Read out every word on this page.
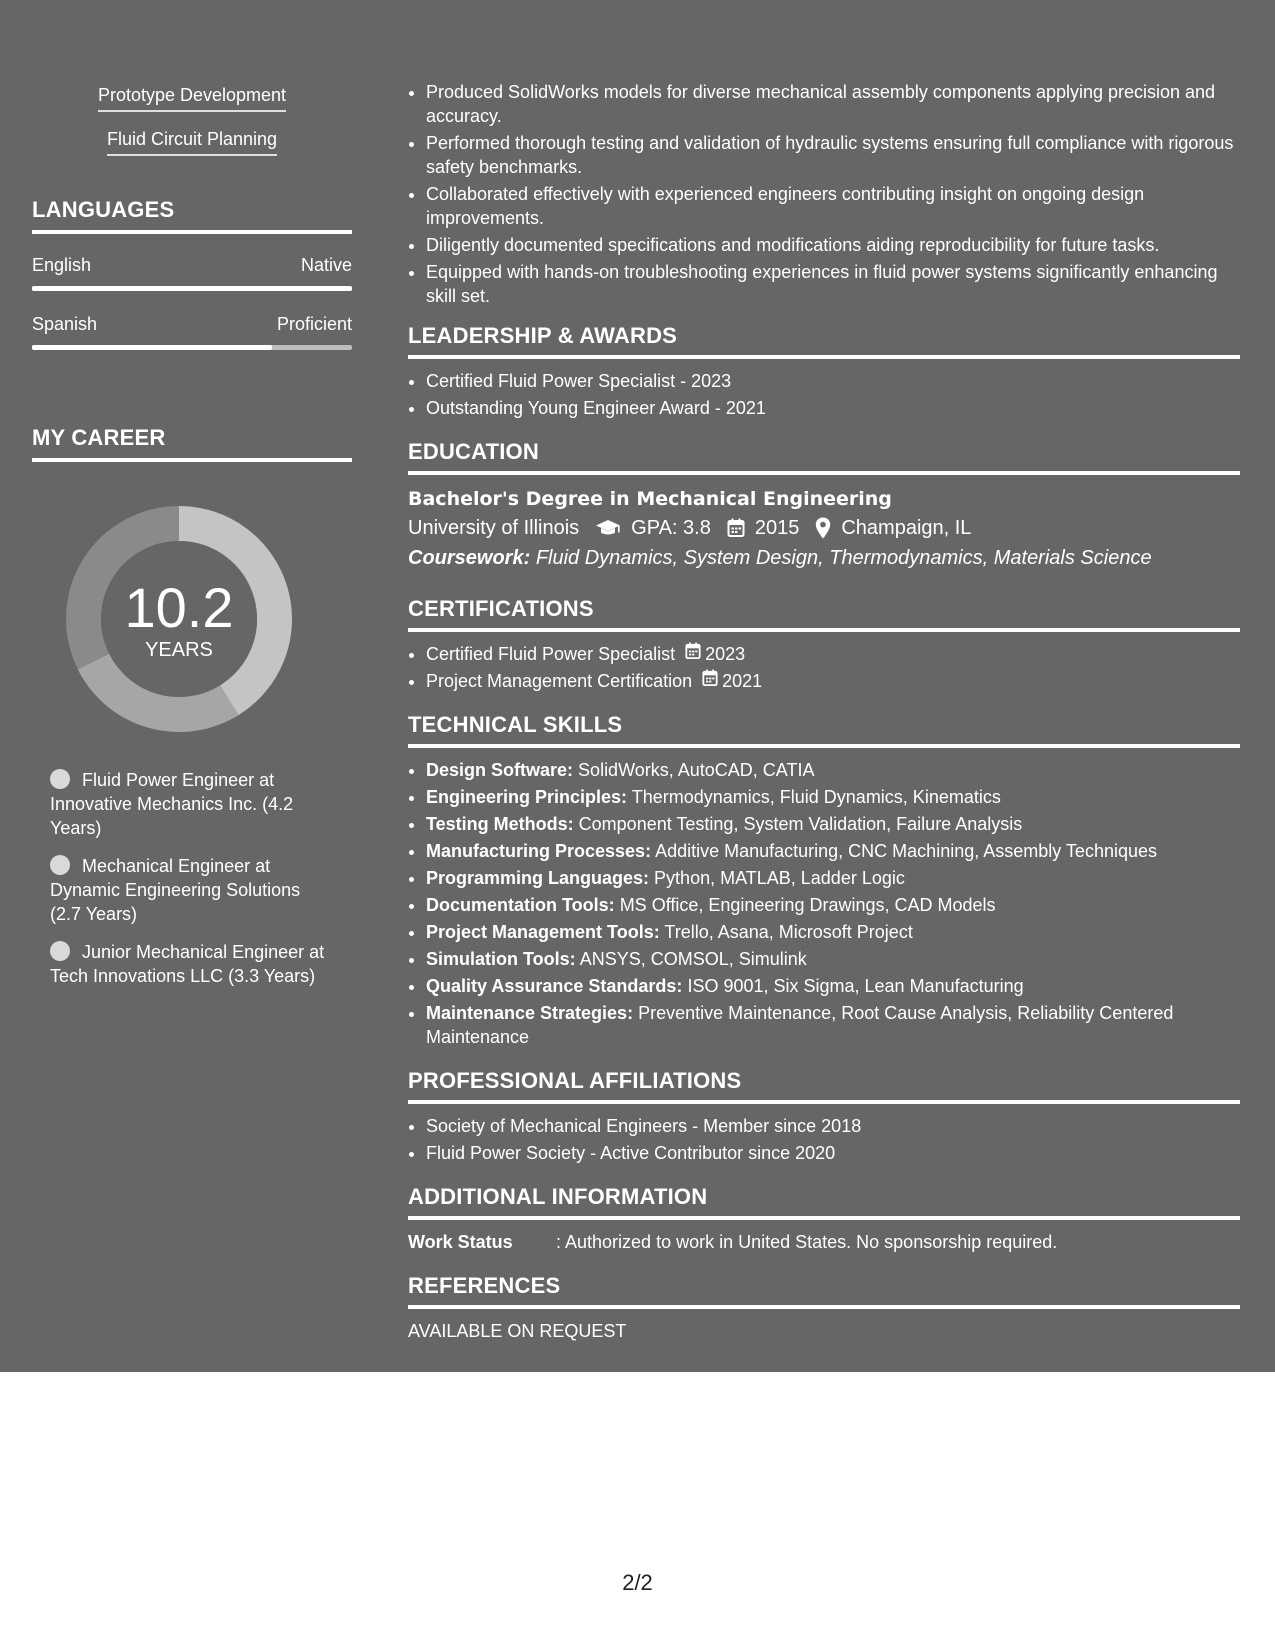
Prototype Development
Fluid Circuit Planning
LANGUAGES
English	Native
Spanish	Proficient
MY CAREER
10.2
YEARS
Fluid Power Engineer at Innovative Mechanics Inc. (4.2 Years)
Mechanical Engineer at Dynamic Engineering Solutions (2.7 Years)
Junior Mechanical Engineer at Tech Innovations LLC (3.3 Years)
• Produced SolidWorks models for diverse mechanical assembly components applying precision and accuracy.
• Performed thorough testing and validation of hydraulic systems ensuring full compliance with rigorous safety benchmarks.
• Collaborated effectively with experienced engineers contributing insight on ongoing design improvements.
• Diligently documented specifications and modifications aiding reproducibility for future tasks.
• Equipped with hands-on troubleshooting experiences in fluid power systems significantly enhancing skill set.
LEADERSHIP & AWARDS
• Certified Fluid Power Specialist - 2023
• Outstanding Young Engineer Award - 2021
EDUCATION
Bachelor's Degree in Mechanical Engineering
University of Illinois	GPA: 3.8 2015 Champaign, IL
Coursework: Fluid Dynamics, System Design, Thermodynamics, Materials Science
CERTIFICATIONS
• Certified Fluid Power Specialist 2023
• Project Management Certification 2021
TECHNICAL SKILLS
• Design Software: SolidWorks, AutoCAD, CATIA
• Engineering Principles: Thermodynamics, Fluid Dynamics, Kinematics
• Testing Methods: Component Testing, System Validation, Failure Analysis
• Manufacturing Processes: Additive Manufacturing, CNC Machining, Assembly Techniques
• Programming Languages: Python, MATLAB, Ladder Logic
• Documentation Tools: MS Office, Engineering Drawings, CAD Models
• Project Management Tools: Trello, Asana, Microsoft Project
• Simulation Tools: ANSYS, COMSOL, Simulink
• Quality Assurance Standards: ISO 9001, Six Sigma, Lean Manufacturing
• Maintenance Strategies: Preventive Maintenance, Root Cause Analysis, Reliability Centered Maintenance
PROFESSIONAL AFFILIATIONS
• Society of Mechanical Engineers - Member since 2018
• Fluid Power Society - Active Contributor since 2020
ADDITIONAL INFORMATION
Work Status	: Authorized to work in United States. No sponsorship required.
REFERENCES
AVAILABLE ON REQUEST
2/2
